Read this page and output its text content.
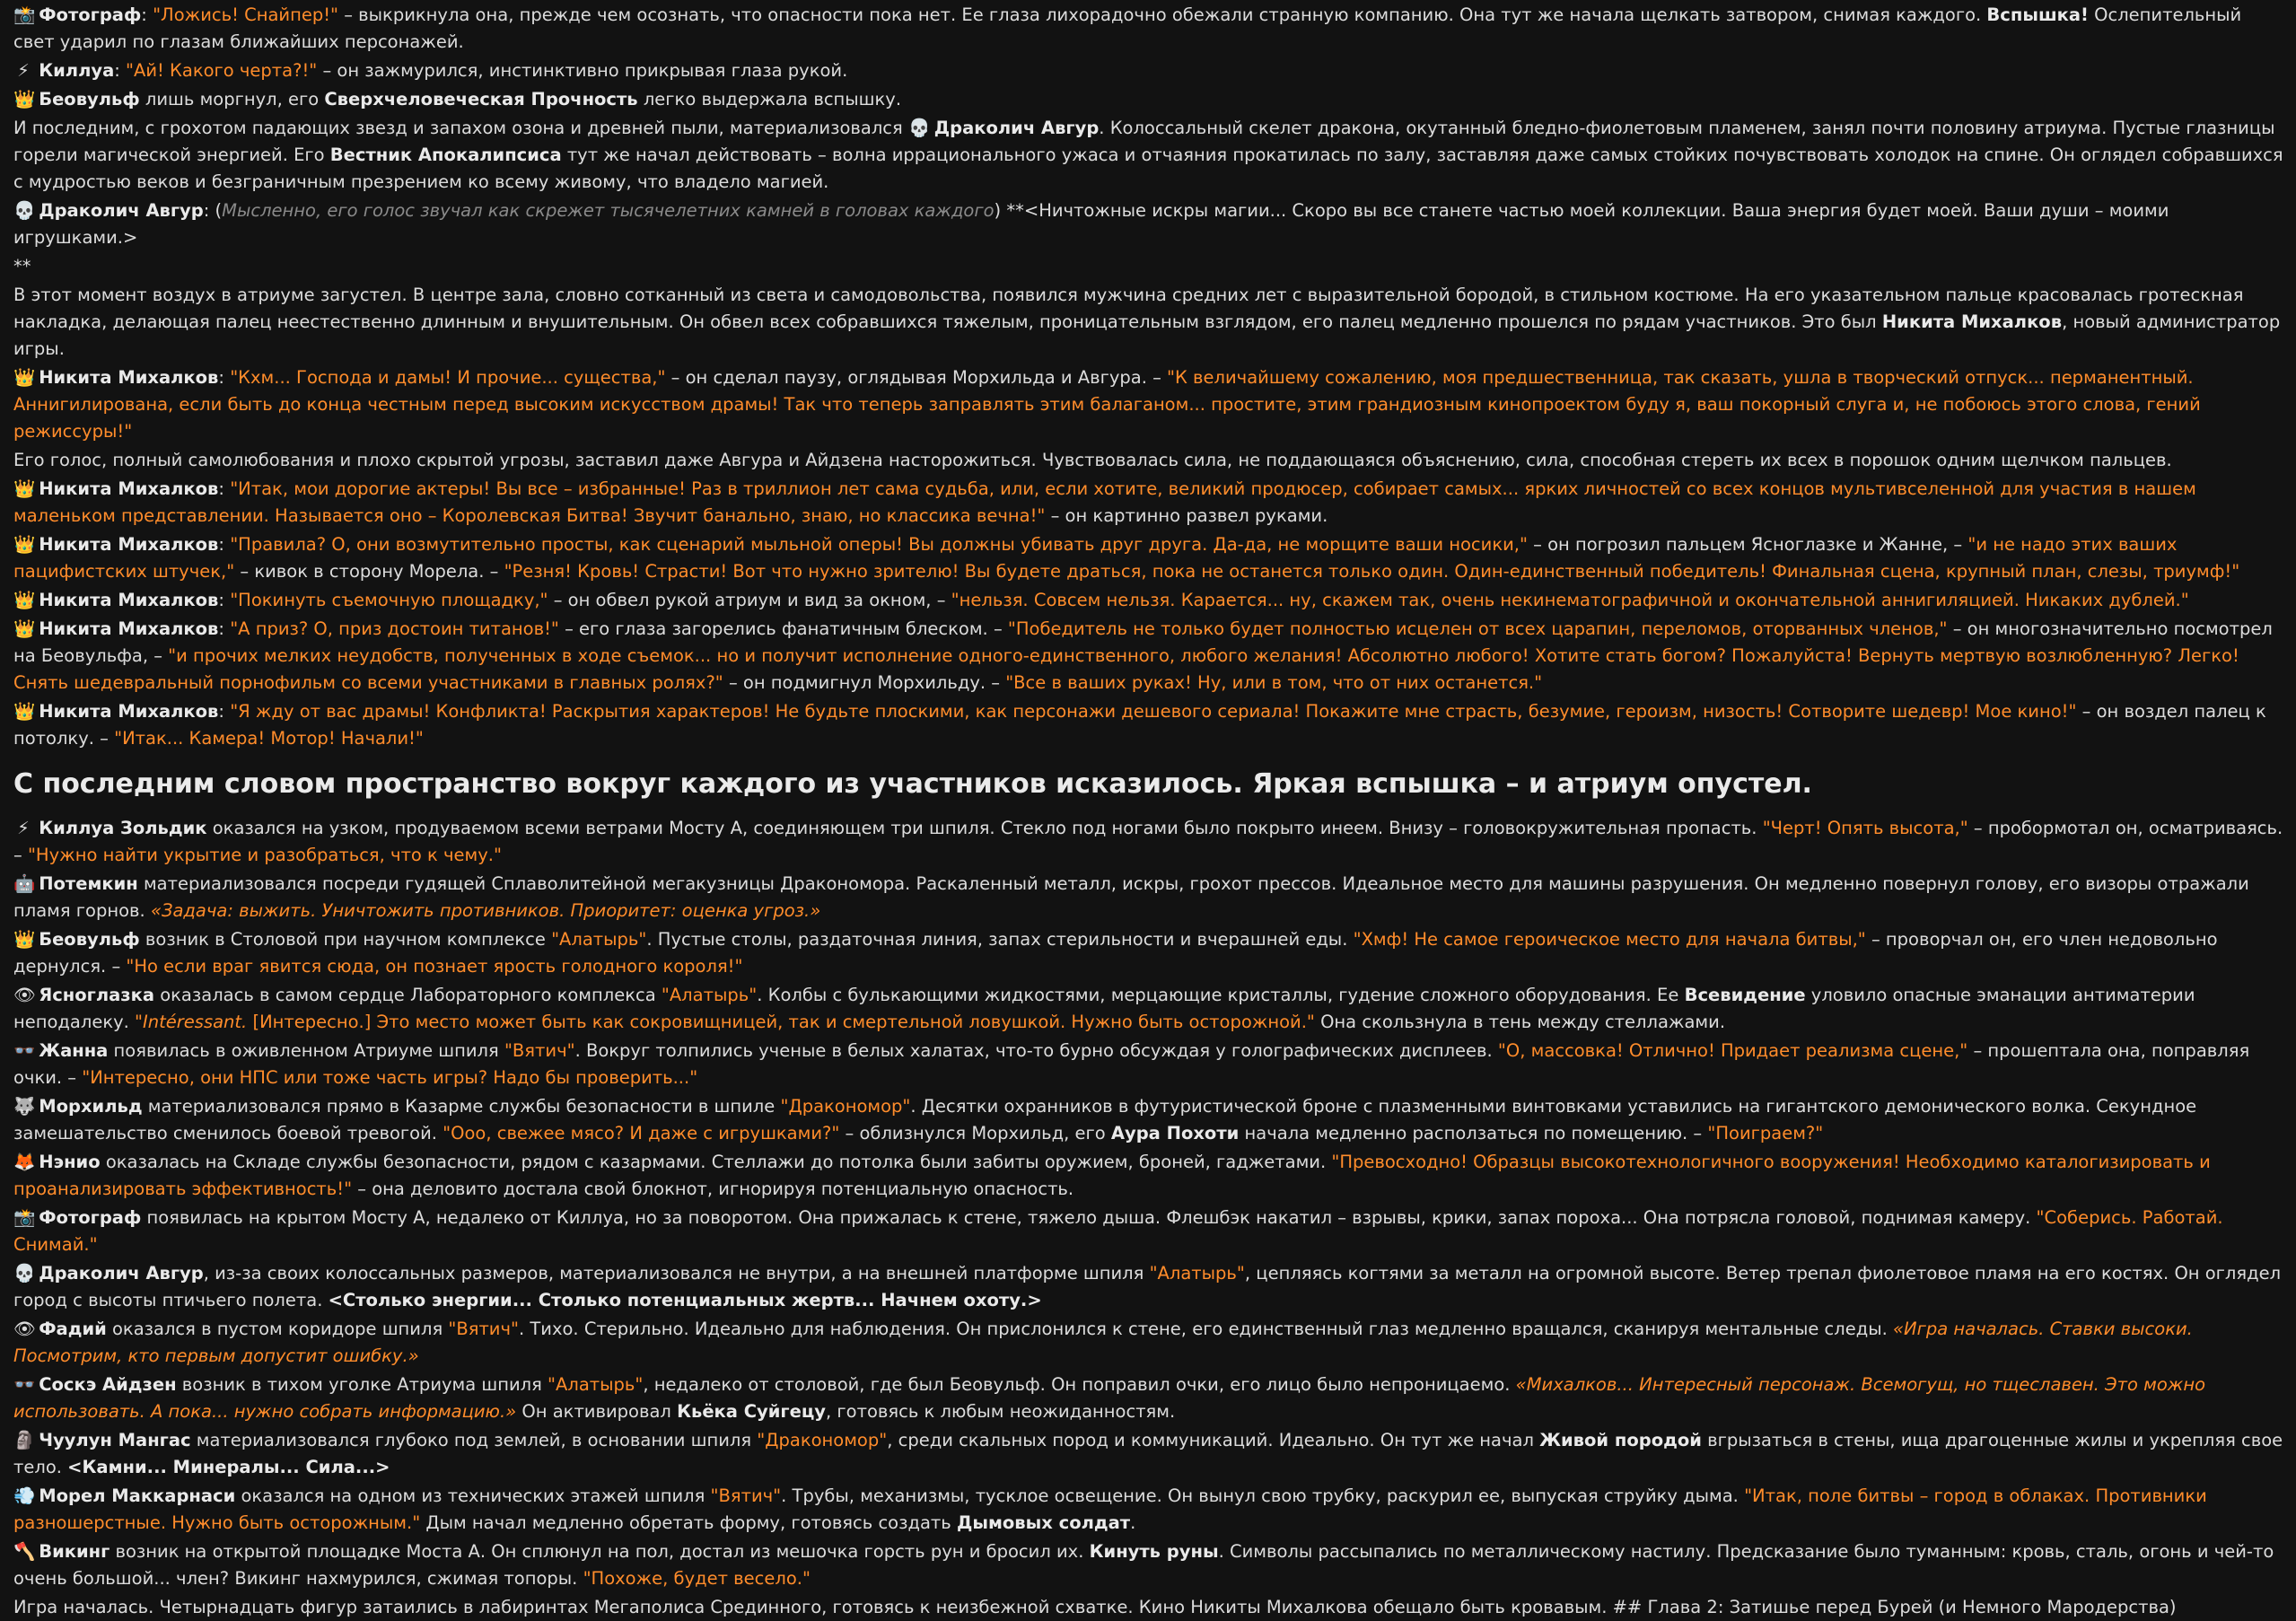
📸 Фотограф: "Ложись! Снайпер!" – выкрикнула она, прежде чем осознать, что опасности пока нет. Ее глаза лихорадочно обежали странную компанию. Она тут же начала щелкать затвором, снимая каждого. Вспышка! Ослепительный свет ударил по глазам ближайших персонажей.
⚡ Киллуа: "Ай! Какого черта?!" – он зажмурился, инстинктивно прикрывая глаза рукой.
👑 Беовульф лишь моргнул, его Сверхчеловеческая Прочность легко выдержала вспышку.
И последним, с грохотом падающих звезд и запахом озона и древней пыли, материализовался 💀 Драколич Авгур. Колоссальный скелет дракона, окутанный бледно-фиолетовым пламенем, занял почти половину атриума. Пустые глазницы горели магической энергией. Его Вестник Апокалипсиса тут же начал действовать – волна иррационального ужаса и отчаяния прокатилась по залу, заставляя даже самых стойких почувствовать холодок на спине. Он оглядел собравшихся с мудростью веков и безграничным презрением ко всему живому, что владело магией.
💀 Драколич Авгур: (Мысленно, его голос звучал как скрежет тысячелетних камней в головах каждого) **<Ничтожные искры магии... Скоро вы все станете частью моей коллекции. Ваша энергия будет моей. Ваши души – моими игрушками.>
**
В этот момент воздух в атриуме загустел. В центре зала, словно сотканный из света и самодовольства, появился мужчина средних лет с выразительной бородой, в стильном костюме. На его указательном пальце красовалась гротескная накладка, делающая палец неестественно длинным и внушительным. Он обвел всех собравшихся тяжелым, проницательным взглядом, его палец медленно прошелся по рядам участников. Это был Никита Михалков, новый администратор игры.
👑 Никита Михалков: "Кхм... Господа и дамы! И прочие... существа," – он сделал паузу, оглядывая Морхильда и Авгура. – "К величайшему сожалению, моя предшественница, так сказать, ушла в творческий отпуск... перманентный. Аннигилирована, если быть до конца честным перед высоким искусством драмы! Так что теперь заправлять этим балаганом... простите, этим грандиозным кинопроектом буду я, ваш покорный слуга и, не побоюсь этого слова, гений режиссуры!"
Его голос, полный самолюбования и плохо скрытой угрозы, заставил даже Авгура и Айдзена насторожиться. Чувствовалась сила, не поддающаяся объяснению, сила, способная стереть их всех в порошок одним щелчком пальцев.
👑 Никита Михалков: "Итак, мои дорогие актеры! Вы все – избранные! Раз в триллион лет сама судьба, или, если хотите, великий продюсер, собирает самых... ярких личностей со всех концов мультивселенной для участия в нашем маленьком представлении. Называется оно – Королевская Битва! Звучит банально, знаю, но классика вечна!" – он картинно развел руками.
👑 Никита Михалков: "Правила? О, они возмутительно просты, как сценарий мыльной оперы! Вы должны убивать друг друга. Да-да, не морщите ваши носики," – он погрозил пальцем Ясноглазке и Жанне, – "и не надо этих ваших пацифистских штучек," – кивок в сторону Морела. – "Резня! Кровь! Страсти! Вот что нужно зрителю! Вы будете драться, пока не останется только один. Один-единственный победитель! Финальная сцена, крупный план, слезы, триумф!"
👑 Никита Михалков: "Покинуть съемочную площадку," – он обвел рукой атриум и вид за окном, – "нельзя. Совсем нельзя. Карается... ну, скажем так, очень некинематографичной и окончательной аннигиляцией. Никаких дублей."
👑 Никита Михалков: "А приз? О, приз достоин титанов!" – его глаза загорелись фанатичным блеском. – "Победитель не только будет полностью исцелен от всех царапин, переломов, оторванных членов," – он многозначительно посмотрел на Беовульфа, – "и прочих мелких неудобств, полученных в ходе съемок... но и получит исполнение одного-единственного, любого желания! Абсолютно любого! Хотите стать богом? Пожалуйста! Вернуть мертвую возлюбленную? Легко! Снять шедевральный порнофильм со всеми участниками в главных ролях?" – он подмигнул Морхильду. – "Все в ваших руках! Ну, или в том, что от них останется."
👑 Никита Михалков: "Я жду от вас драмы! Конфликта! Раскрытия характеров! Не будьте плоскими, как персонажи дешевого сериала! Покажите мне страсть, безумие, героизм, низость! Сотворите шедевр! Мое кино!" – он воздел палец к потолку. – "Итак... Камера! Мотор! Начали!"
С последним словом пространство вокруг каждого из участников исказилось. Яркая вспышка – и атриум опустел.
⚡ Киллуа Зольдик оказался на узком, продуваемом всеми ветрами Мосту А, соединяющем три шпиля. Стекло под ногами было покрыто инеем. Внизу – головокружительная пропасть. "Черт! Опять высота," – пробормотал он, осматриваясь. – "Нужно найти укрытие и разобраться, что к чему."
🤖 Потемкин материализовался посреди гудящей Сплаволитейной мегакузницы Дракономора. Раскаленный металл, искры, грохот прессов. Идеальное место для машины разрушения. Он медленно повернул голову, его визоры отражали пламя горнов. «Задача: выжить. Уничтожить противников. Приоритет: оценка угроз.»
👑 Беовульф возник в Столовой при научном комплексе "Алатырь". Пустые столы, раздаточная линия, запах стерильности и вчерашней еды. "Хмф! Не самое героическое место для начала битвы," – проворчал он, его член недовольно дернулся. – "Но если враг явится сюда, он познает ярость голодного короля!"
👁 Ясноглазка оказалась в самом сердце Лабораторного комплекса "Алатырь". Колбы с булькающими жидкостями, мерцающие кристаллы, гудение сложного оборудования. Ее Всевидение уловило опасные эманации антиматерии неподалеку. "Intéressant. [Интересно.] Это место может быть как сокровищницей, так и смертельной ловушкой. Нужно быть осторожной." Она скользнула в тень между стеллажами.
👓 Жанна появилась в оживленном Атриуме шпиля "Вятич". Вокруг толпились ученые в белых халатах, что-то бурно обсуждая у голографических дисплеев. "О, массовка! Отлично! Придает реализма сцене," – прошептала она, поправляя очки. – "Интересно, они НПС или тоже часть игры? Надо бы проверить..."
🐺 Морхильд материализовался прямо в Казарме службы безопасности в шпиле "Дракономор". Десятки охранников в футуристической броне с плазменными винтовками уставились на гигантского демонического волка. Секундное замешательство сменилось боевой тревогой. "Ооо, свежее мясо? И даже с игрушками?" – облизнулся Морхильд, его Аура Похоти начала медленно расползаться по помещению. – "Поиграем?"
🦊 Нэнио оказалась на Складе службы безопасности, рядом с казармами. Стеллажи до потолка были забиты оружием, броней, гаджетами. "Превосходно! Образцы высокотехнологичного вооружения! Необходимо каталогизировать и проанализировать эффективность!" – она деловито достала свой блокнот, игнорируя потенциальную опасность.
📸 Фотограф появилась на крытом Мосту А, недалеко от Киллуа, но за поворотом. Она прижалась к стене, тяжело дыша. Флешбэк накатил – взрывы, крики, запах пороха... Она потрясла головой, поднимая камеру. "Соберись. Работай. Снимай."
💀 Драколич Авгур, из-за своих колоссальных размеров, материализовался не внутри, а на внешней платформе шпиля "Алатырь", цепляясь когтями за металл на огромной высоте. Ветер трепал фиолетовое пламя на его костях. Он оглядел город с высоты птичьего полета. <Столько энергии... Столько потенциальных жертв... Начнем охоту.>
👁 Фадий оказался в пустом коридоре шпиля "Вятич". Тихо. Стерильно. Идеально для наблюдения. Он прислонился к стене, его единственный глаз медленно вращался, сканируя ментальные следы. «Игра началась. Ставки высоки. Посмотрим, кто первым допустит ошибку.»
👓 Соскэ Айдзен возник в тихом уголке Атриума шпиля "Алатырь", недалеко от столовой, где был Беовульф. Он поправил очки, его лицо было непроницаемо. «Михалков... Интересный персонаж. Всемогущ, но тщеславен. Это можно использовать. А пока... нужно собрать информацию.» Он активировал Кьёка Суйгецу, готовясь к любым неожиданностям.
🗿 Чуулун Мангас материализовался глубоко под землей, в основании шпиля "Дракономор", среди скальных пород и коммуникаций. Идеально. Он тут же начал Живой породой вгрызаться в стены, ища драгоценные жилы и укрепляя свое тело. <Камни... Минералы... Сила...>
💨 Морел Маккарнаси оказался на одном из технических этажей шпиля "Вятич". Трубы, механизмы, тусклое освещение. Он вынул свою трубку, раскурил ее, выпуская струйку дыма. "Итак, поле битвы – город в облаках. Противники разношерстные. Нужно быть осторожным." Дым начал медленно обретать форму, готовясь создать Дымовых солдат.
🪓 Викинг возник на открытой площадке Моста А. Он сплюнул на пол, достал из мешочка горсть рун и бросил их. Кинуть руны. Символы рассыпались по металлическому настилу. Предсказание было туманным: кровь, сталь, огонь и чей-то очень большой... член? Викинг нахмурился, сжимая топоры. "Похоже, будет весело."
Игра началась. Четырнадцать фигур затаились в лабиринтах Мегаполиса Срединного, готовясь к неизбежной схватке. Кино Никиты Михалкова обещало быть кровавым. ## Глава 2: Затишье перед Бурей (и Немного Мародерства)
